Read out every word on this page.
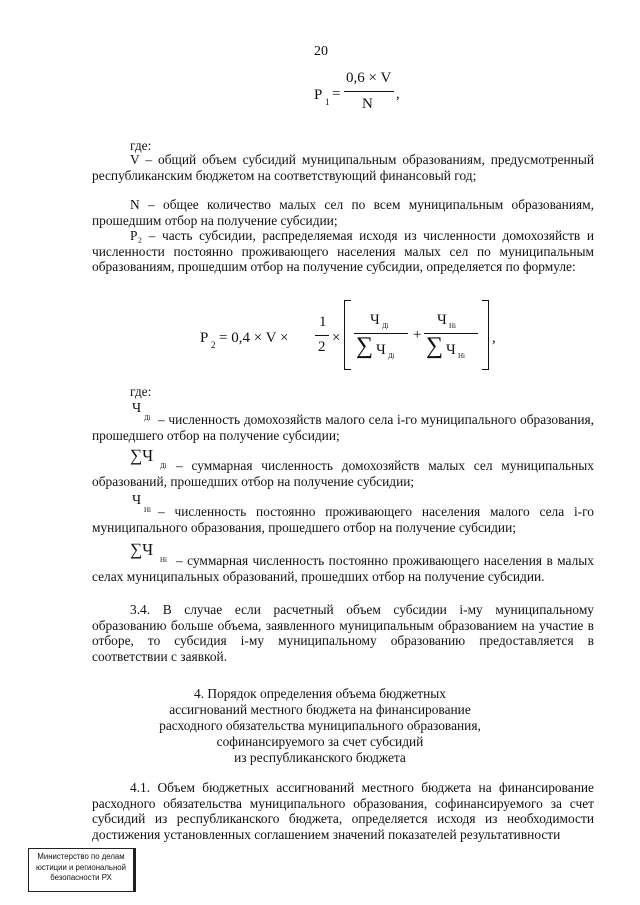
20
P 1 =
0,6 × V
N
,
где:
V – общий объем субсидий муниципальным образованиям, предусмотренный республиканским бюджетом на соответствующий финансовый год;
N – общее количество малых сел по всем муниципальным образованиям, прошедшим отбор на получение субсидии;
P₂ – часть субсидии, распределяемая исходя из численности домохозяйств и численности постоянно проживающего населения малых сел по муниципальным образованиям, прошедшим отбор на получение субсидии, определяется по формуле:
P 2 = 0,4 × V ×
1
2
×
Ч Дi
∑ Ч Дi
+
Ч Нi
∑ Ч Нi
,
где:
Ч
Дi – численность домохозяйств малого села i-го муниципального образования, прошедшего отбор на получение субсидии;
∑Ч
Дi – суммарная численность домохозяйств малых сел муниципальных образований, прошедших отбор на получение субсидии;
Ч
Нi – численность постоянно проживающего населения малого села i-го муниципального образования, прошедшего отбор на получение субсидии;
∑Ч
Нi – суммарная численность постоянно проживающего населения в малых селах муниципальных образований, прошедших отбор на получение субсидии.
3.4. В случае если расчетный объем субсидии i-му муниципальному образованию больше объема, заявленного муниципальным образованием на участие в отборе, то субсидия i-му муниципальному образованию предоставляется в соответствии с заявкой.
4. Порядок определения объема бюджетных
ассигнований местного бюджета на финансирование
расходного обязательства муниципального образования,
софинансируемого за счет субсидий
из республиканского бюджета
4.1. Объем бюджетных ассигнований местного бюджета на финансирование расходного обязательства муниципального образования, софинансируемого за счет субсидий из республиканского бюджета, определяется исходя из необходимости достижения установленных соглашением значений показателей результативности
Министерство по делам
юстиции и региональной
безопасности РХ
